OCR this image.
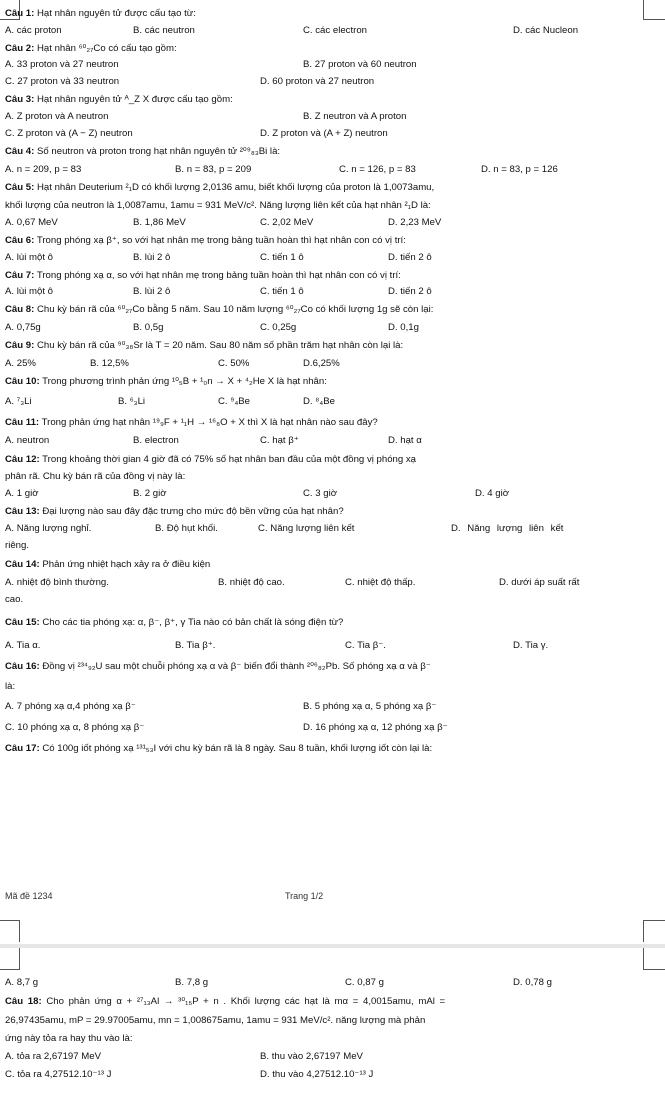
Câu 1: Hạt nhân nguyên tử được cấu tạo từ:
A. các proton	B. các neutron	C. các electron	D. các Nucleon
Câu 2: Hạt nhân ⁶⁰₂₇Co có cấu tạo gồm:
A. 33 proton và 27 neutron	B. 27 proton và 60 neutron
C. 27 proton và 33 neutron	D. 60 proton và 27 neutron
Câu 3: Hạt nhân nguyên tử ᴬ_Z X được cấu tạo gồm:
A. Z proton và A neutron	B. Z neutron và A proton
C. Z proton và (A − Z) neutron	D. Z proton và (A + Z) neutron
Câu 4: Số neutron và proton trong hạt nhân nguyên tử ²⁰⁹₈₃Bi là:
A. n = 209, p = 83	B. n = 83, p = 209	C. n = 126, p = 83	D. n = 83, p = 126
Câu 5: Hạt nhân Deuterium ²₁D có khối lượng 2,0136 amu, biết khối lượng của proton là 1,0073amu,
khối lượng của neutron là 1,0087amu, 1amu = 931 MeV/c². Năng lượng liên kết của hạt nhân ²₁D là:
A. 0,67 MeV	B. 1,86 MeV	C. 2,02 MeV	D. 2,23 MeV
Câu 6: Trong phóng xạ β⁺, so với hạt nhân mẹ trong bảng tuần hoàn thì hạt nhân con có vị trí:
A. lùi một ô	B. lùi 2 ô	C. tiến 1 ô	D. tiến 2 ô
Câu 7: Trong phóng xạ α, so với hạt nhân mẹ trong bảng tuần hoàn thì hạt nhân con có vị trí:
A. lùi một ô	B. lùi 2 ô	C. tiến 1 ô	D. tiến 2 ô
Câu 8: Chu kỳ bán rã của ⁶⁰₂₇Co bằng 5 năm. Sau 10 năm lượng ⁶⁰₂₇Co có khối lượng 1g sẽ còn lại:
A. 0,75g	B. 0,5g	C. 0,25g	D. 0,1g
Câu 9: Chu kỳ bán rã của ⁹⁰₃₈Sr là T = 20 năm. Sau 80 năm số phần trăm hạt nhân còn lại là:
A. 25%	B. 12,5%	C. 50%	D.6,25%
Câu 10: Trong phương trình phản ứng ¹⁰₅B + ¹₀n → X + ⁴₂He X là hạt nhân:
A. ⁷₃Li	B. ⁶₃Li	C. ⁹₄Be	D. ⁸₄Be
Câu 11: Trong phản ứng hạt nhân ¹⁹₉F + ¹₁H → ¹⁶₈O + X thì X là hạt nhân nào sau đây?
A. neutron	B. electron	C. hạt β⁺	D. hạt α
Câu 12: Trong khoảng thời gian 4 giờ đã có 75% số hạt nhân ban đầu của một đồng vị phóng xạ
phân rã. Chu kỳ bán rã của đồng vị này là:
A. 1 giờ	B. 2 giờ	C. 3 giờ	D. 4 giờ
Câu 13: Đại lượng nào sau đây đặc trưng cho mức độ bền vững của hạt nhân?
A. Năng lượng nghỉ.	B. Độ hụt khối.	C. Năng lượng liên kết	D. Năng lượng liên kết
riêng.
Câu 14: Phản ứng nhiệt hạch xảy ra ở điều kiện
A. nhiệt độ bình thường.	B. nhiệt độ cao.	C. nhiệt độ thấp.	D. dưới áp suất rất
cao.
Câu 15: Cho các tia phóng xạ: α, β⁻, β⁺, γ Tia nào có bản chất là sóng điện từ?
A. Tia α.	B. Tia β⁺.	C. Tia β⁻.	D. Tia γ.
Câu 16: Đồng vị ²³⁴₉₂U sau một chuỗi phóng xạ α và β⁻ biến đổi thành ²⁰⁶₈₂Pb. Số phóng xạ α và β⁻
là:
A. 7 phóng xạ α,4 phóng xạ β⁻	B. 5 phóng xạ α, 5 phóng xạ β⁻
C. 10 phóng xạ α, 8 phóng xạ β⁻	D. 16 phóng xạ α, 12 phóng xạ β⁻
Câu 17: Có 100g iốt phóng xạ ¹³¹₅₃I với chu kỳ bán rã là 8 ngày. Sau 8 tuần, khối lượng iốt còn lại là:
Mã đề 1234	Trang 1/2
A. 8,7 g	B. 7,8 g	C. 0,87 g	D. 0,78 g
Câu 18: Cho phản ứng α + ²⁷₁₃Al → ³⁰₁₅P + n . Khối lượng các hạt là mα = 4,0015amu, mAl =
26,97435amu, mP = 29.97005amu, mn = 1,008675amu, 1amu = 931 MeV/c². năng lượng mà phản
ứng này tỏa ra hay thu vào là:
A. tỏa ra 2,67197 MeV	B. thu vào 2,67197 MeV
C. tỏa ra 4,27512.10⁻¹³ J	D. thu vào 4,27512.10⁻¹³ J
